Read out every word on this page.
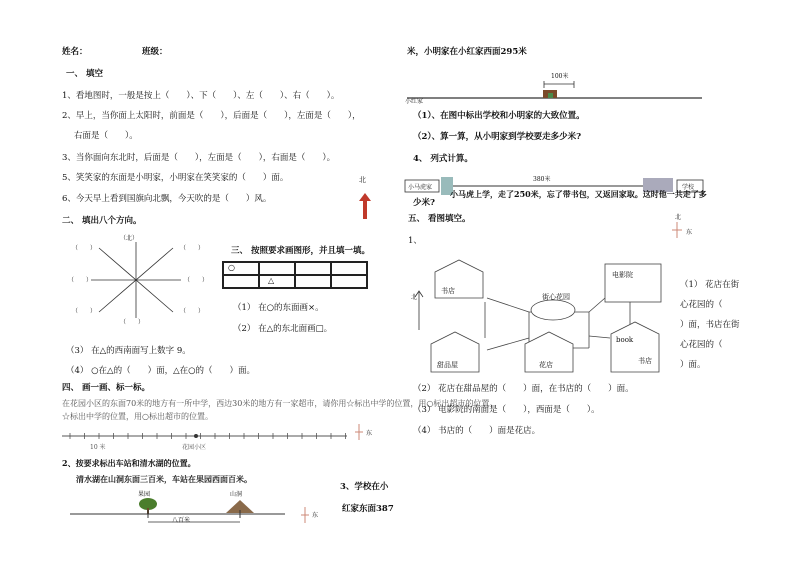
姓名：	班级：
一、 填空
1、看地图时，一般是按上（　　）、下（　　）、左（　　）、右（　　）。
2、早上，当你面上太阳时，前面是（　　），后面是（　　），左面是（　　），
右面是（　　）。
3、当你面向东北时，后面是（　　），左面是（　　），右面是（　　）。
5、笑笑家的东面是小明家，小明家在笑笑家的（　　）面。
6、今天早上看到国旗向北飘，今天吹的是（　　）风。
北
二、 填出八个方向。
（北）
（　　）	（　　）
（　　）	（　　）
（　　）	（　　）
（　　）
三、 按照要求画图形，并且填一填。
○
△
（1） 在○的东面画×。
（2） 在△的东北面画□。
（3） 在△的西南面写上数字 9。
（4） ○在△的（　　）面，△在○的（　　）面。
四、 画一画、标一标。
在花园小区的东面70米的地方有一所中学，西边30米的地方有一家超市，请你用☆标出中学的位置，用○标出超市的位置。
☆标出中学的位置，用○标出超市的位置。
10 米	花园小区
东
2、按要求标出车站和清水湖的位置。
清水湖在山洞东面三百米，车站在果园西面百米。
果园	山洞
八百米
东
3、学校在小
红家东面387
米，小明家在小红家西面295米
100米
小红家
（1）、在图中标出学校和小明家的大致位置。
（2）、算一算，从小明家到学校要走多少米?
4、 列式计算。
380米
小马虎家	学校
小马虎上学，走了250米，忘了带书包，又返回家取。这时他一共走了多
少米?
五、 看图填空。	北
东
1、
北
书店
电影院
街心花园
甜品屋	花店
book
书店
（1） 花店在街
心花园的（
）面，书店在街
心花园的（
）面。
（2） 花店在甜品屋的（　　）面，在书店的（　　）面。
（3） 电影院的南面是（　　），西面是（　　）。
（4） 书店的（　　）面是花店。
